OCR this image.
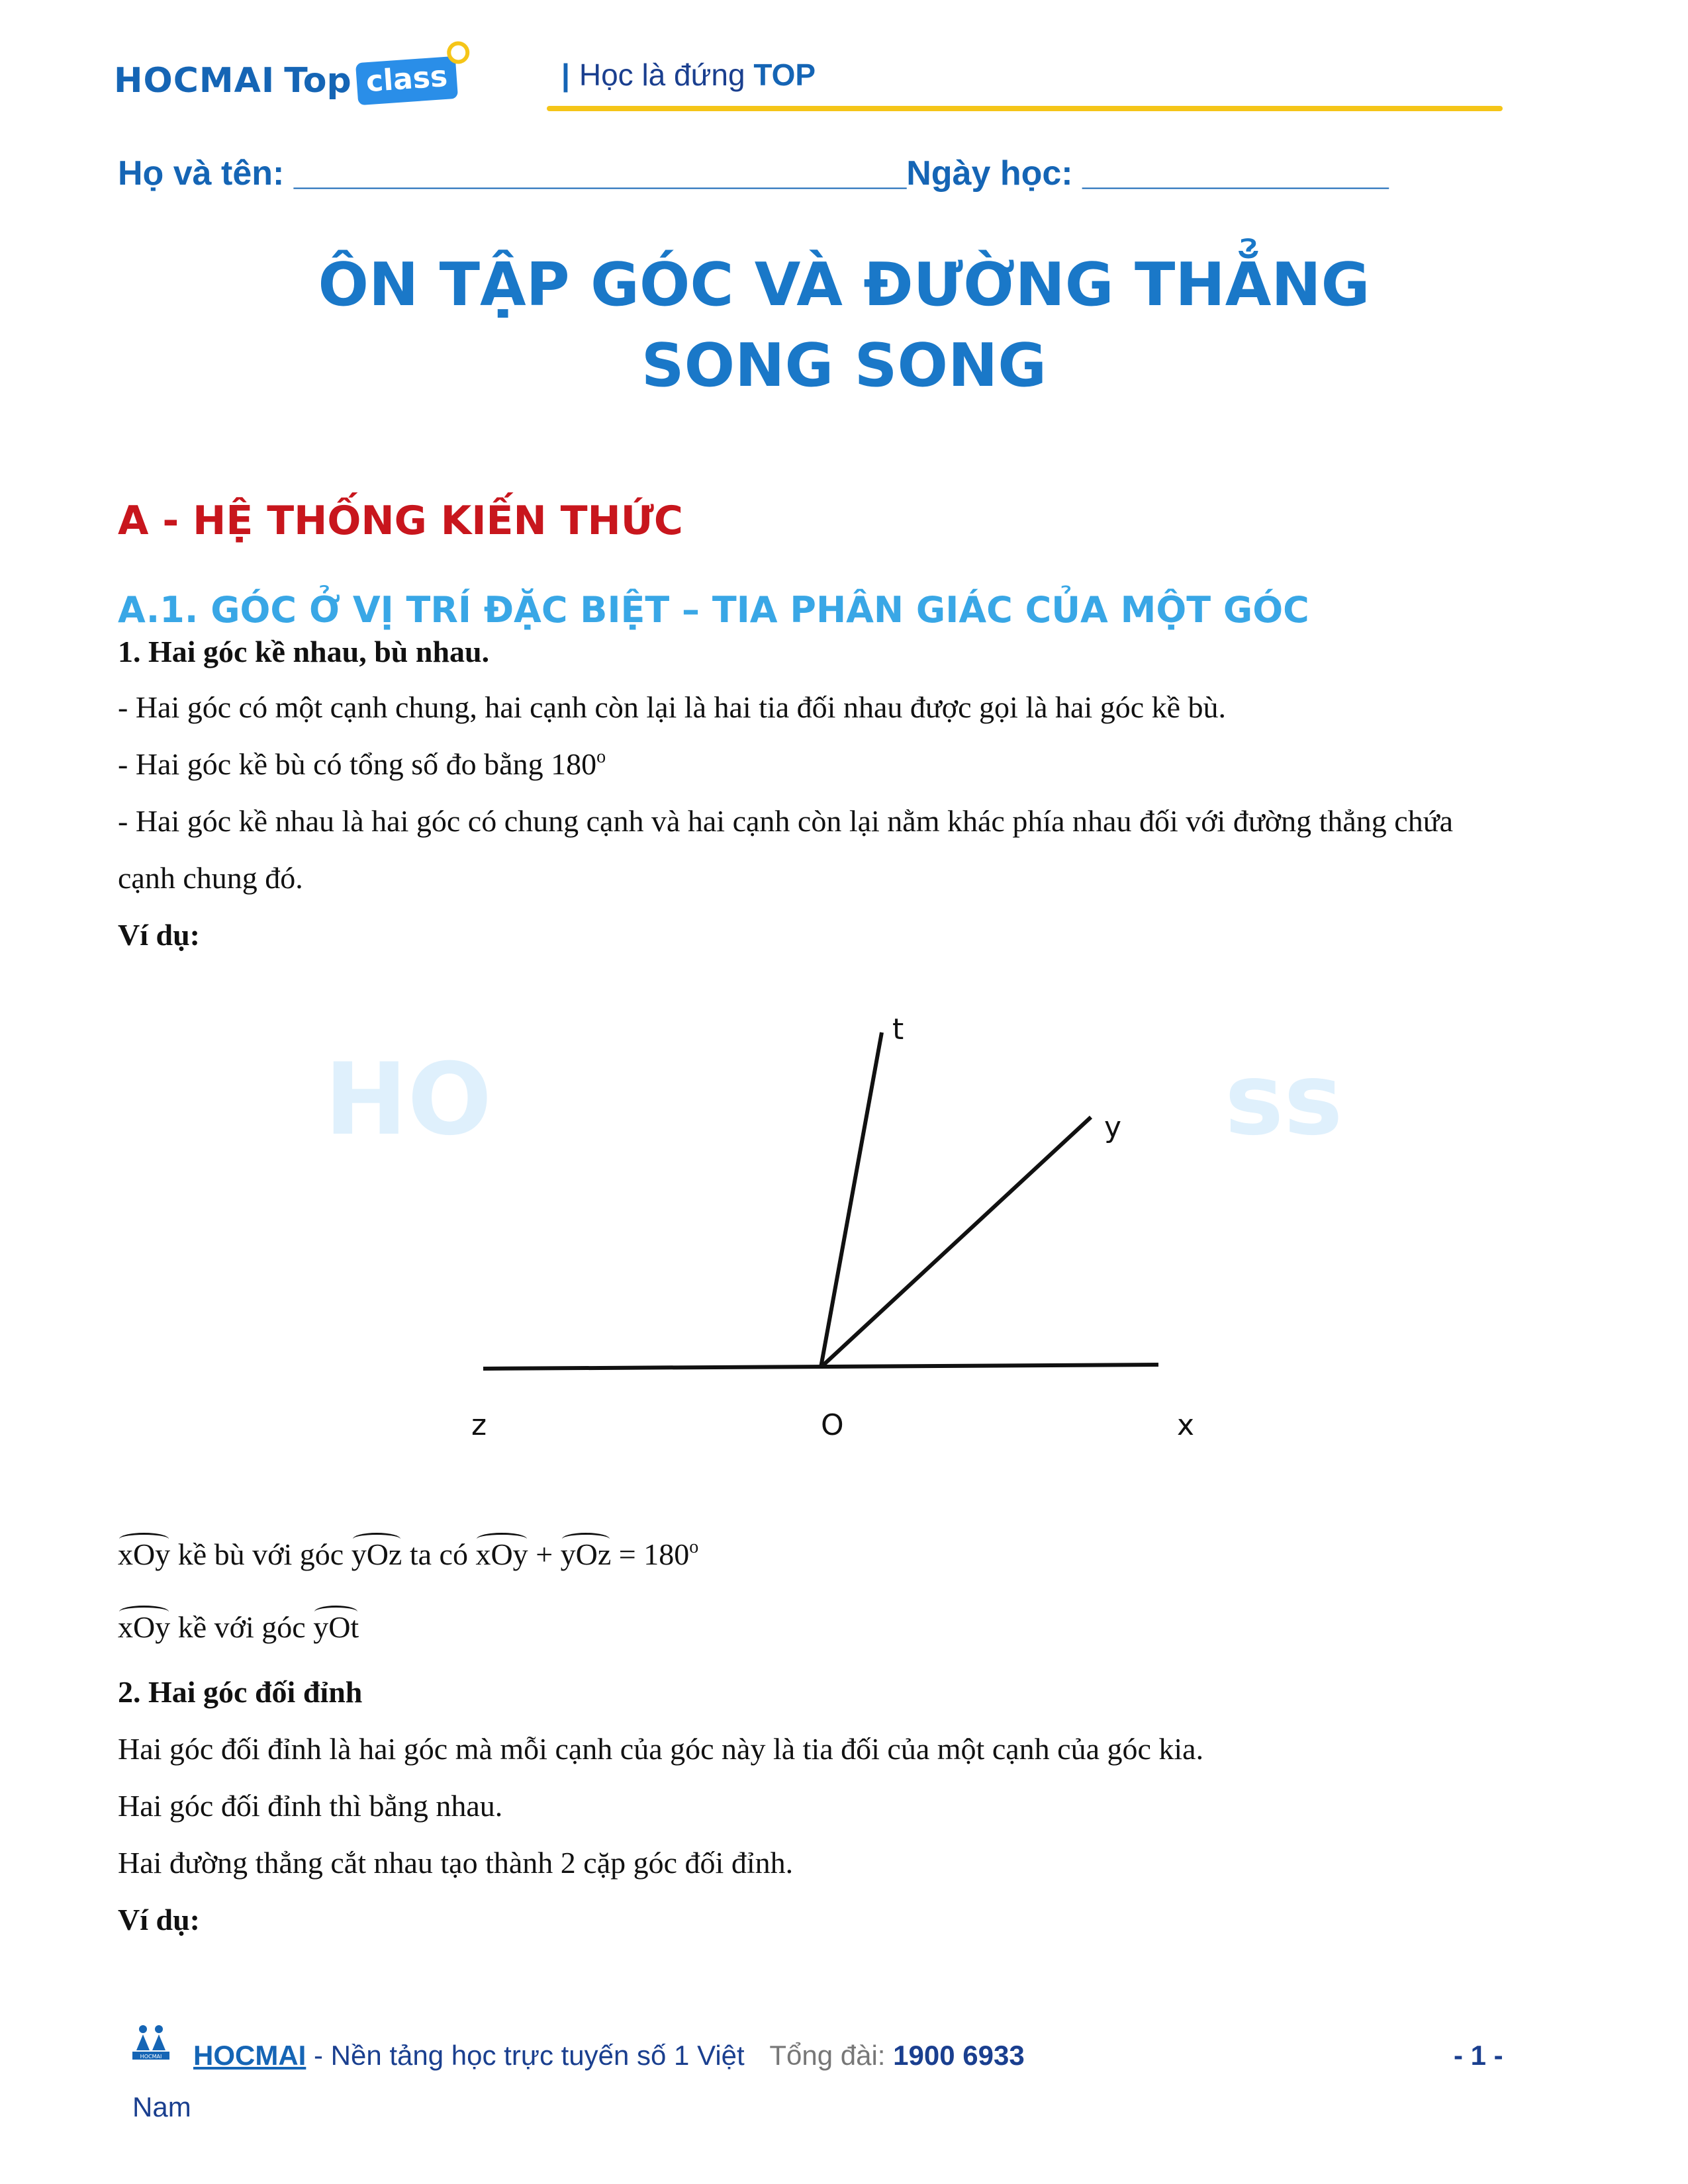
HOCMAI Top class	| Học là đứng TOP
Họ và tên: ________________________________Ngày học: ________________
ÔN TẬP GÓC VÀ ĐƯỜNG THẲNG
SONG SONG
A - HỆ THỐNG KIẾN THỨC
A.1. GÓC Ở VỊ TRÍ ĐẶC BIỆT – TIA PHÂN GIÁC CỦA MỘT GÓC
1. Hai góc kề nhau, bù nhau.
- Hai góc có một cạnh chung, hai cạnh còn lại là hai tia đối nhau được gọi là hai góc kề bù.
- Hai góc kề bù có tổng số đo bằng 180$^o$
- Hai góc kề nhau là hai góc có chung cạnh và hai cạnh còn lại nằm khác phía nhau đối với đường thẳng chứa
cạnh chung đó.
Ví dụ:
HO	ss
t
y
z	O	x
xOy kề bù với góc yOz ta có xOy + yOz = $180^o$
xOy kề với góc yOt
2. Hai góc đối đỉnh
Hai góc đối đỉnh là hai góc mà mỗi cạnh của góc này là tia đối của một cạnh của góc kia.
Hai góc đối đỉnh thì bằng nhau.
Hai đường thẳng cắt nhau tạo thành 2 cặp góc đối đỉnh.
Ví dụ:
HOCMAI HOCMAI - Nền tảng học trực tuyến số 1 Việt Tổng đài: 1900 6933	- 1 -
Nam
